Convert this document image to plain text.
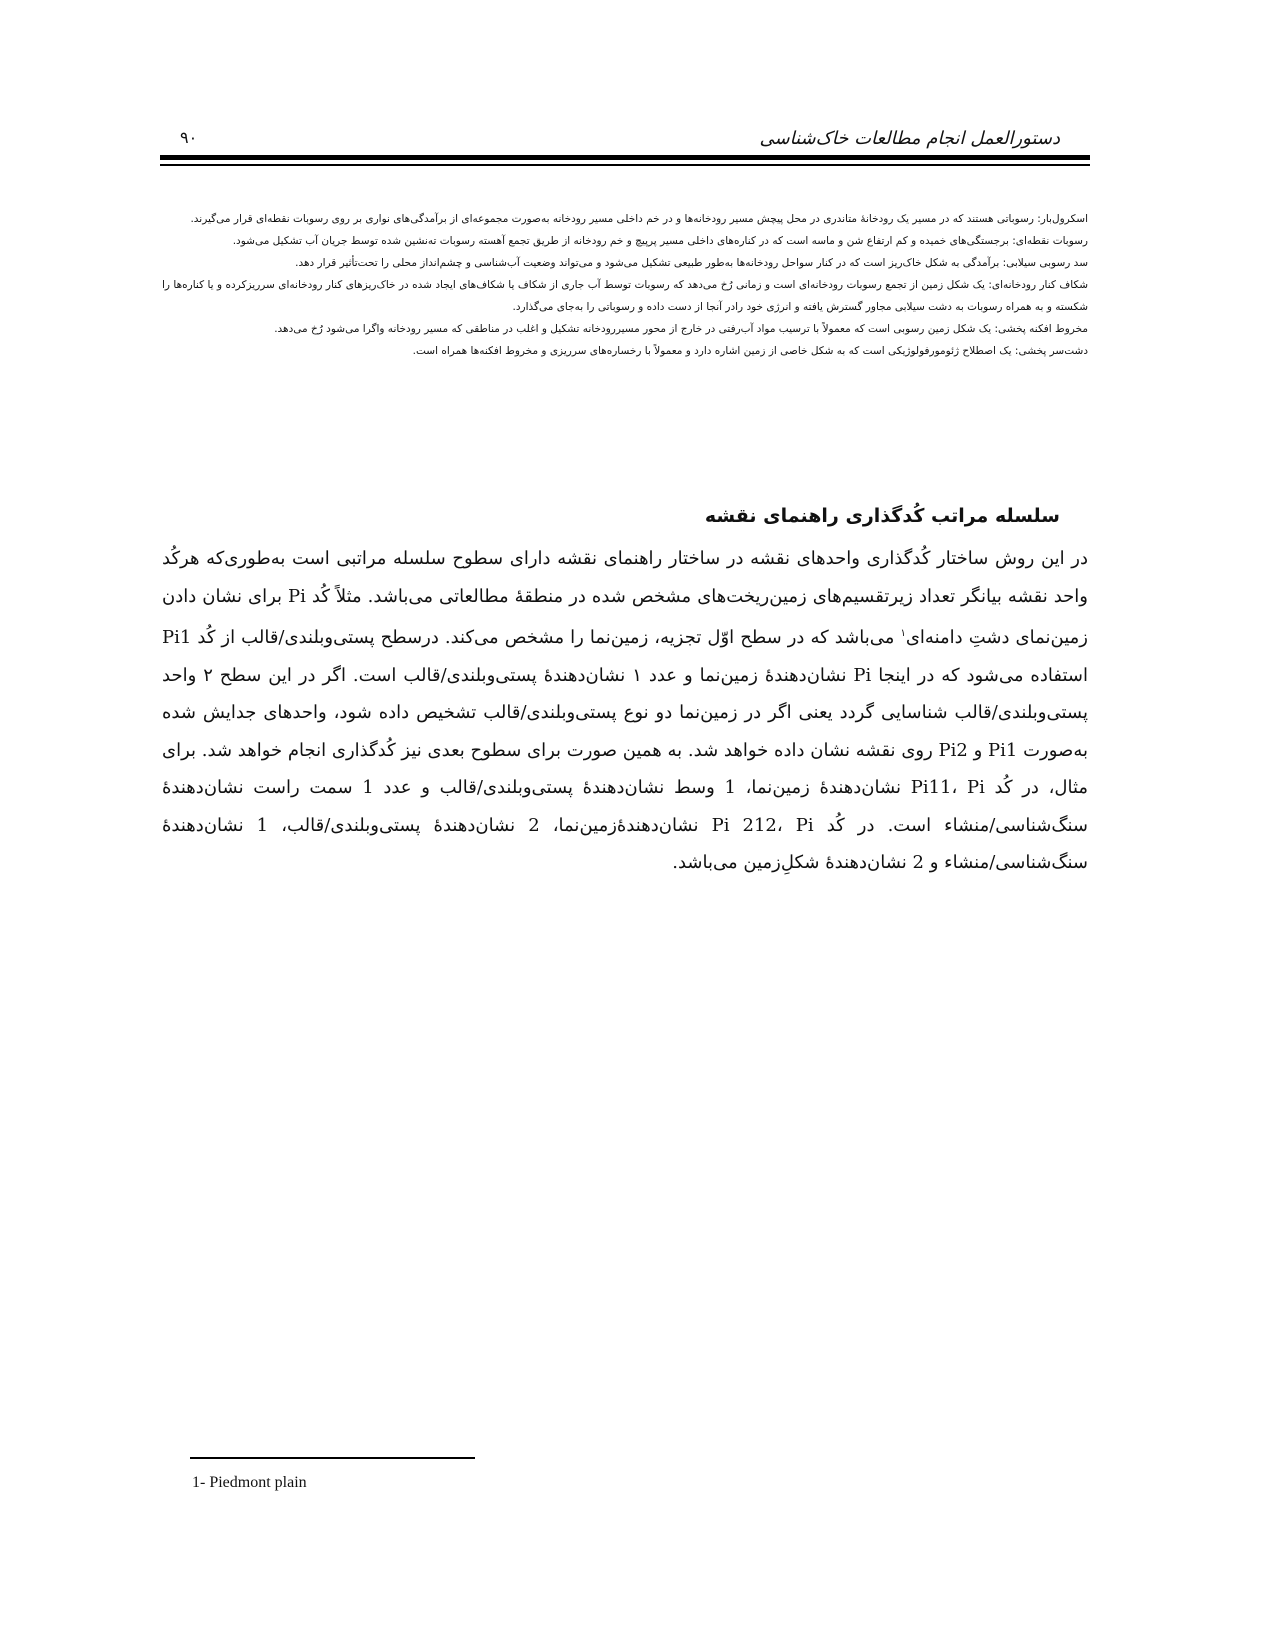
دستورالعمل انجام مطالعات خاک‌شناسی
۹۰

اسکرول‌بار: رسوباتی هستند که در مسیر یک رودخانهٔ متاندری در محل پیچش مسیر رودخانه‌ها و در خم داخلی مسیر رودخانه به‌صورت مجموعه‌ای از برآمدگی‌های نواری بر روی رسوبات نقطه‌ای قرار می‌گیرند.

رسوبات نقطه‌ای: برجستگی‌های خمیده و کم ارتفاع شن و ماسه است که در کناره‌های داخلی مسیر پرپیچ و خم رودخانه از طریق تجمع آهسته رسوبات ته‌نشین شده توسط جریان آب تشکیل می‌شود.

سد رسوبی سیلابی: برآمدگی به شکل خاک‌ریز است که در کنار سواحل رودخانه‌ها به‌طور طبیعی تشکیل می‌شود و می‌تواند وضعیت آب‌شناسی و چشم‌انداز محلی را تحت‌تأثیر قرار دهد.

شکاف کنار رودخانه‌ای: یک شکل زمین از تجمع رسوبات رودخانه‌ای است و زمانی رُخ می‌دهد که رسوبات توسط آب جاری از شکاف یا شکاف‌های ایجاد شده در خاک‌ریزهای کنار رودخانه‌ای سرریزکرده و یا کناره‌ها را شکسته و به همراه رسوبات به دشت سیلابی مجاور گسترش یافته و انرژی خود رادر آنجا از دست داده و رسوباتی را به‌جای می‌گذارد.

مخروط افکنه پخشی: یک شکل زمین رسوبی است که معمولاً با ترسیب مواد آب‌رفتی در خارج از محور مسیررودخانه تشکیل و اغلب در مناطقی که مسیر رودخانه واگرا می‌شود رُخ می‌دهد.

دشت‌سر پخشی: یک اصطلاح ژئومورفولوژیکی است که به شکل خاصی از زمین اشاره دارد و معمولاً با رخساره‌های سرریزی و مخروط افکنه‌ها همراه است.

سلسله مراتب کُدگذاری راهنمای نقشه
در این روش ساختار کُدگذاری واحدهای نقشه در ساختار راهنمای نقشه دارای سطوح سلسله مراتبی است به‌طوری‌که هرکُد واحد نقشه بیانگر تعداد زیرتقسیم‌های زمین‌ریخت‌های مشخص شده در منطقهٔ مطالعاتی می‌باشد. مثلاً کُد Pi برای نشان دادن زمین‌نمای دشتِ دامنه‌ای$^۱$ می‌باشد که در سطح اوّل تجزیه، زمین‌نما را مشخص می‌کند. درسطح پستی‌وبلندی/قالب از کُد Pi1 استفاده می‌شود که در اینجا Pi نشان‌دهندهٔ زمین‌نما و عدد ۱ نشان‌دهندهٔ پستی‌وبلندی/قالب است. اگر در این سطح ۲ واحد پستی‌وبلندی/قالب شناسایی گردد یعنی اگر در زمین‌نما دو نوع پستی‌وبلندی/قالب تشخیص داده شود، واحدهای جدایش شده به‌صورت Pi1 و Pi2 روی نقشه نشان داده خواهد شد. به همین صورت برای سطوح بعدی نیز کُدگذاری انجام خواهد شد. برای مثال، در کُد Pi11، Pi نشان‌دهندهٔ زمین‌نما، 1 وسط نشان‌دهندهٔ پستی‌وبلندی/قالب و عدد 1 سمت راست نشان‌دهندهٔ سنگ‌شناسی/منشاء است. در کُد Pi 212، Pi نشان‌دهندهٔ‌زمین‌نما، 2 نشان‌دهندهٔ پستی‌وبلندی/قالب، 1 نشان‌دهندهٔ سنگ‌شناسی/منشاء و 2 نشان‌دهندهٔ شکلِ‌زمین می‌باشد.
1- Piedmont plain
